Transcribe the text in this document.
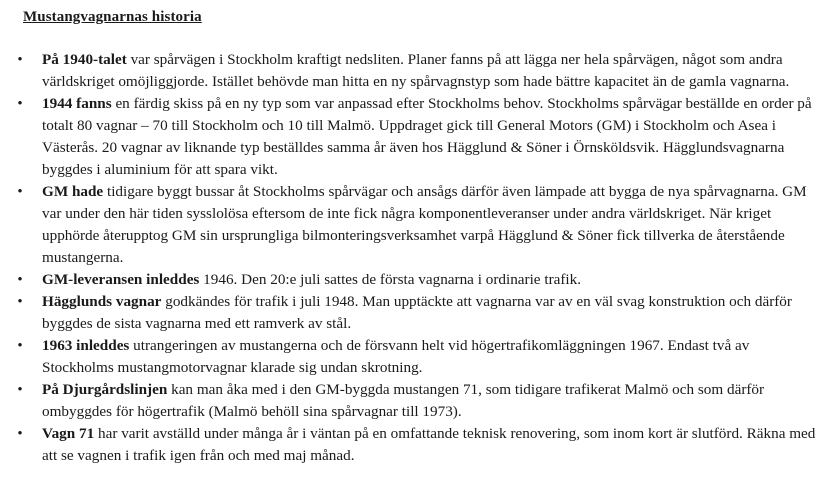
Mustangvagnarnas historia
• På 1940-talet var spårvägen i Stockholm kraftigt nedsliten. Planer fanns på att lägga ner hela spårvägen, något som andra världskriget omöjliggjorde. Istället behövde man hitta en ny spårvagnstyp som hade bättre kapacitet än de gamla vagnarna.
• 1944 fanns en färdig skiss på en ny typ som var anpassad efter Stockholms behov. Stockholms spårvägar beställde en order på totalt 80 vagnar – 70 till Stockholm och 10 till Malmö. Uppdraget gick till General Motors (GM) i Stockholm och Asea i Västerås. 20 vagnar av liknande typ beställdes samma år även hos Hägglund & Söner i Örnsköldsvik. Hägglundsvagnarna byggdes i aluminium för att spara vikt.
• GM hade tidigare byggt bussar åt Stockholms spårvägar och ansågs därför även lämpade att bygga de nya spårvagnarna. GM var under den här tiden sysslolösa eftersom de inte fick några komponentleveranser under andra världskriget. När kriget upphörde återupptog GM sin ursprungliga bilmonteringsverksamhet varpå Hägglund & Söner fick tillverka de återstående mustangerna.
• GM-leveransen inleddes 1946. Den 20:e juli sattes de första vagnarna i ordinarie trafik.
• Hägglunds vagnar godkändes för trafik i juli 1948. Man upptäckte att vagnarna var av en väl svag konstruktion och därför byggdes de sista vagnarna med ett ramverk av stål.
• 1963 inleddes utrangeringen av mustangerna och de försvann helt vid högertrafikomläggningen 1967. Endast två av Stockholms mustangmotorvagnar klarade sig undan skrotning.
• På Djurgårdslinjen kan man åka med i den GM-byggda mustangen 71, som tidigare trafikerat Malmö och som därför ombyggdes för högertrafik (Malmö behöll sina spårvagnar till 1973).
• Vagn 71 har varit avställd under många år i väntan på en omfattande teknisk renovering, som inom kort är slutförd. Räkna med att se vagnen i trafik igen från och med maj månad.
